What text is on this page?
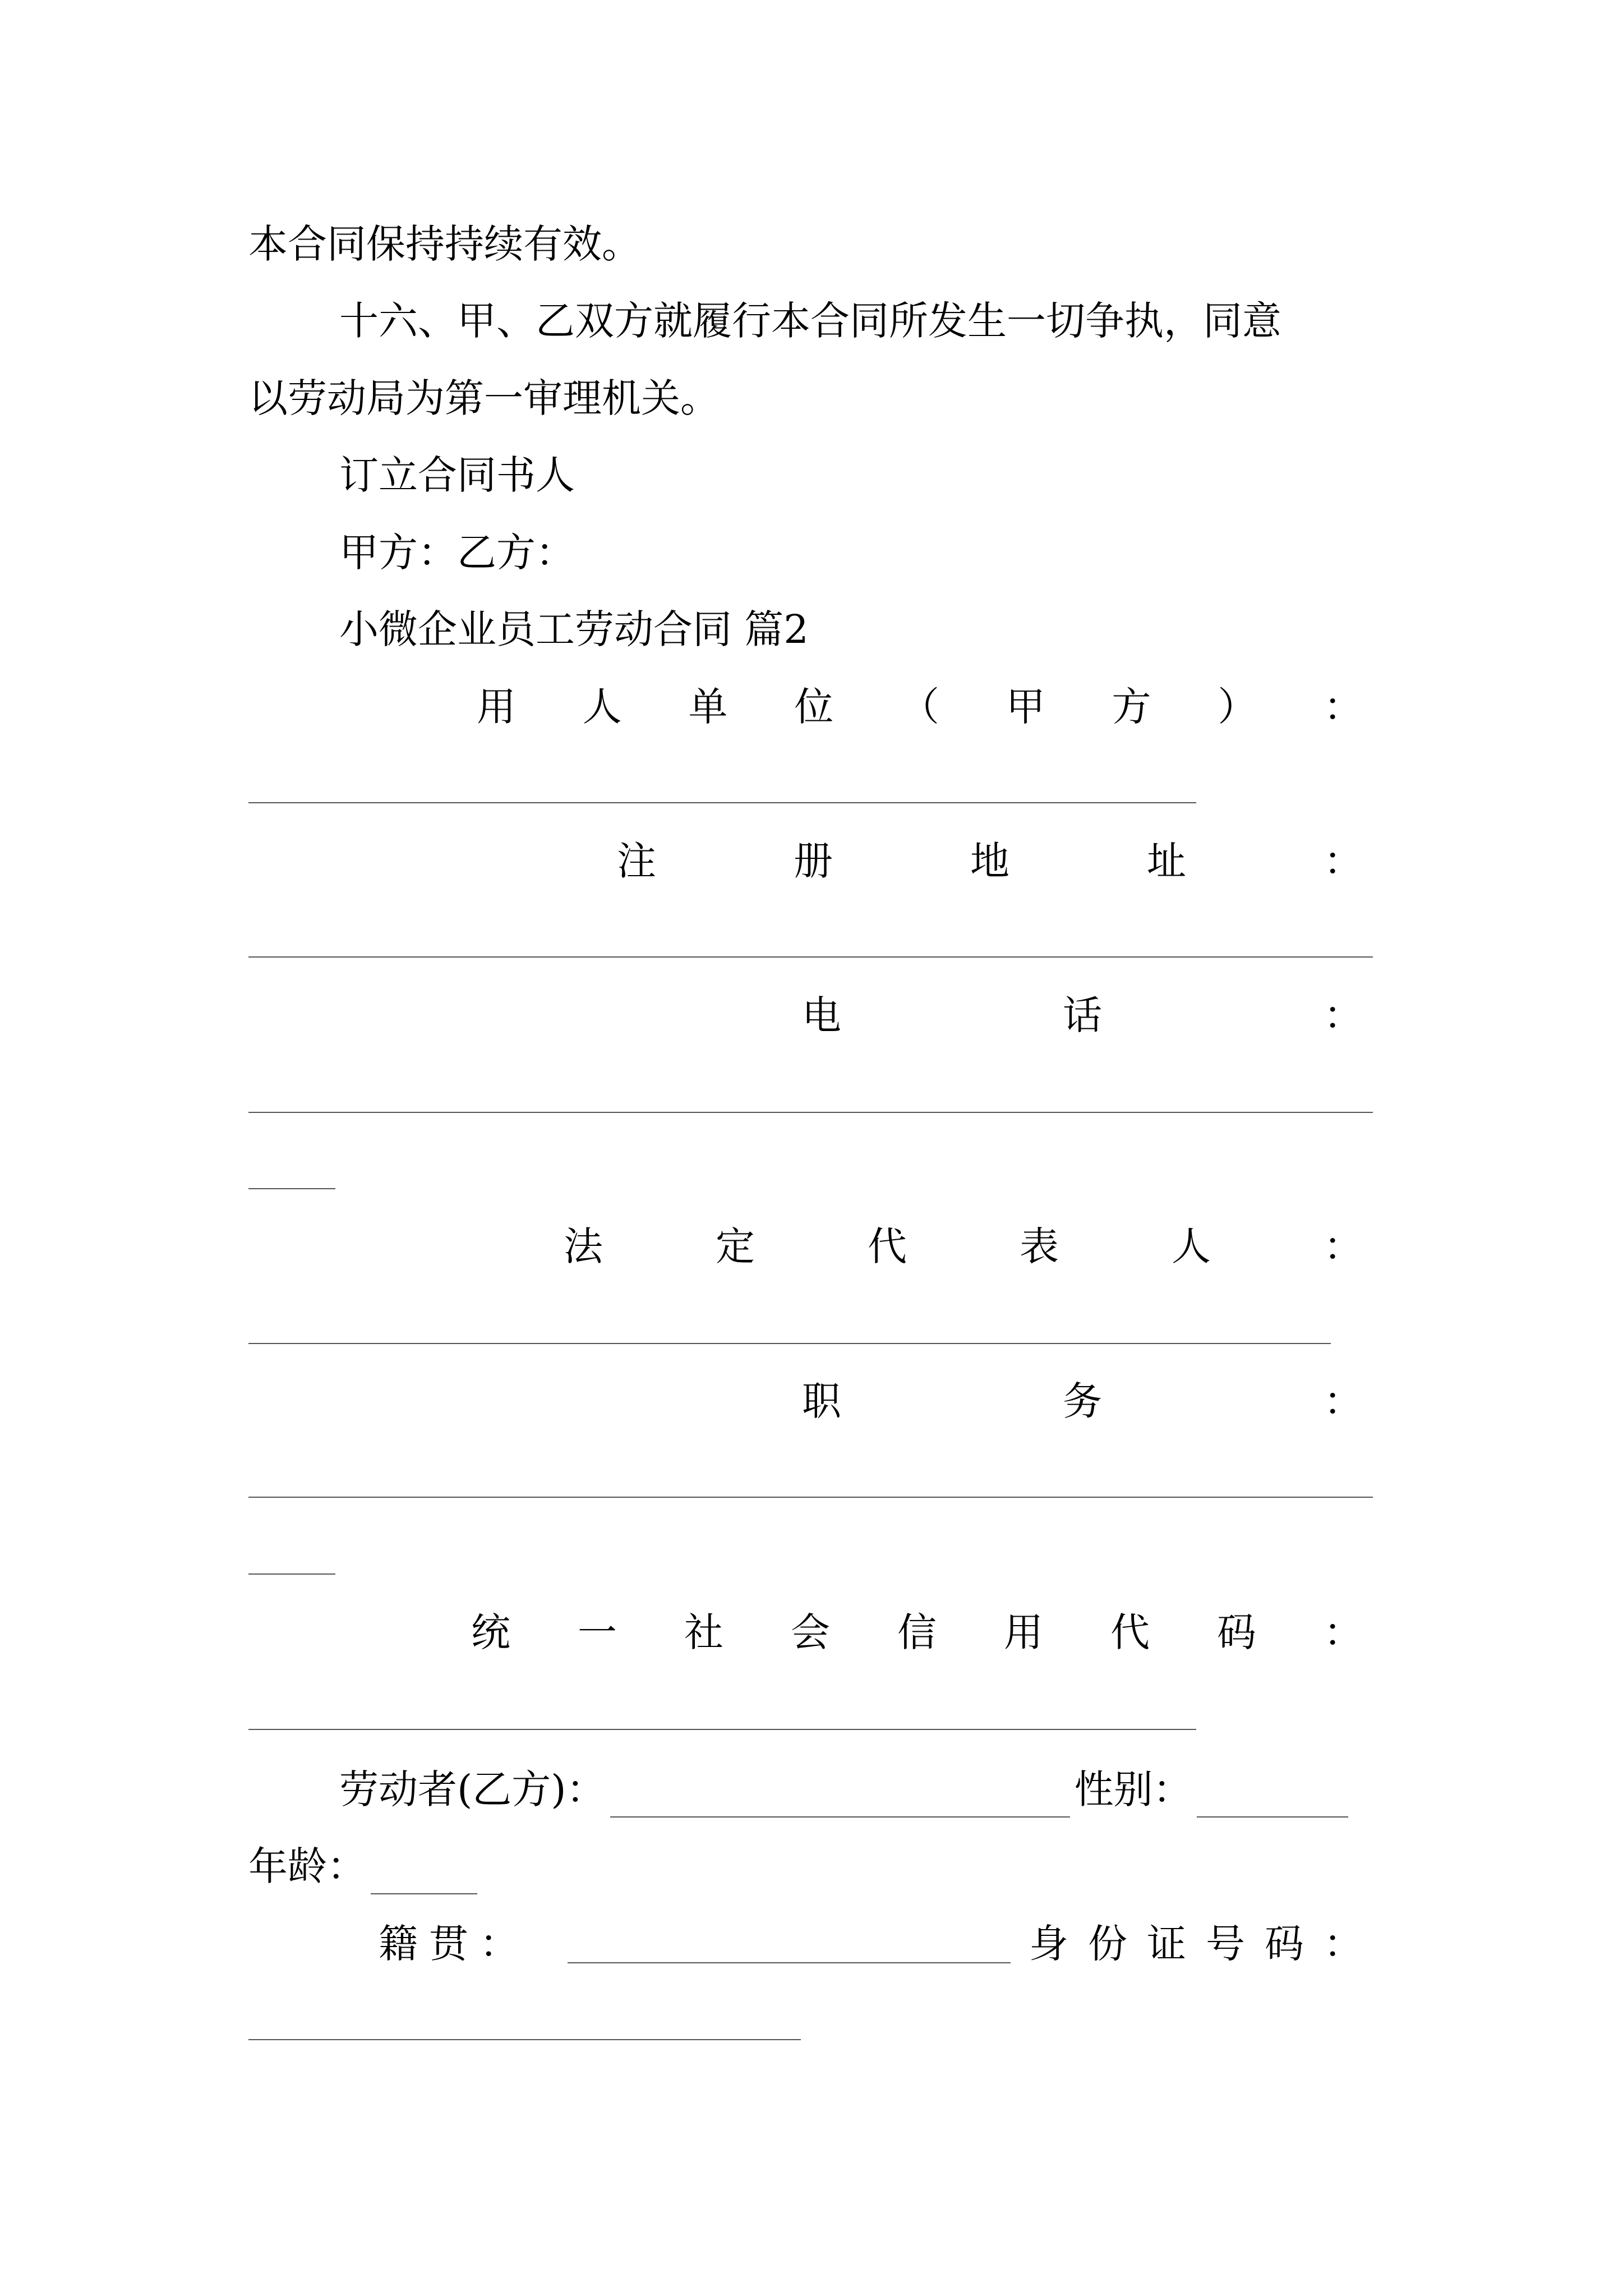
本合同保持持续有效。
十六、甲、乙双方就履行本合同所发生一切争执，同意
以劳动局为第一审理机关。
订立合同书人
甲方：乙方：
小微企业员工劳动合同 篇2
用 人 单 位 （ 甲 方 ） ：
注	册	地	址	：
电	话	：
法	定	代	表	人	：
职	务	：
统 一 社 会 信 用 代 码 ：
劳动者(乙方)：	性别：
年龄：
籍 贯 ：	身 份 证 号 码 ：
